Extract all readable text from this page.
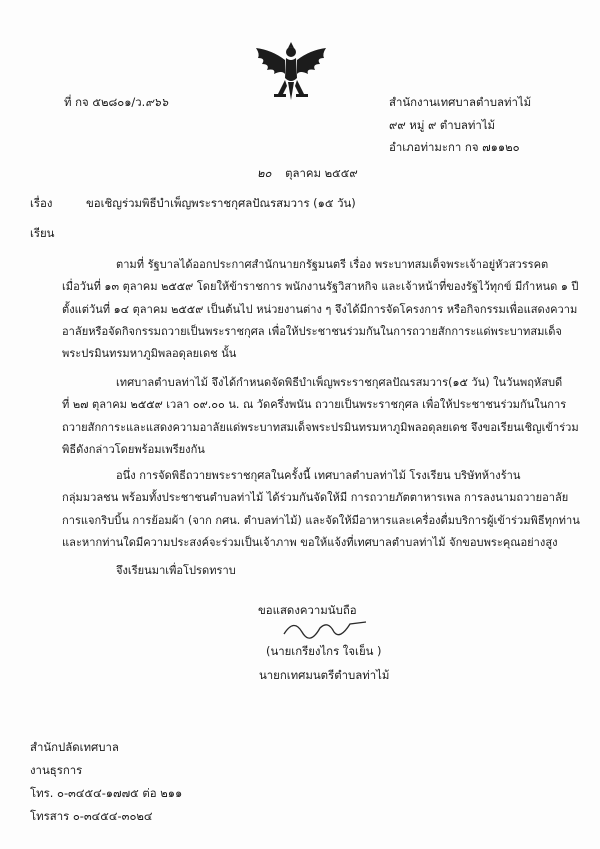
ที่ กจ ๕๒๘๐๑/ว.๙๖๖	สำนักงานเทศบาลตำบลท่าไม้
๙๙ หมู่ ๙ ตำบลท่าไม้
อำเภอท่ามะกา กจ ๗๑๑๒๐
๒๐ ตุลาคม ๒๕๕๙
เรื่อง	ขอเชิญร่วมพิธีบำเพ็ญพระราชกุศลปัณรสมวาร (๑๕ วัน)
เรียน
ตามที่ รัฐบาลได้ออกประกาศสำนักนายกรัฐมนตรี เรื่อง พระบาทสมเด็จพระเจ้าอยู่หัวสวรรคต
เมื่อวันที่ ๑๓ ตุลาคม ๒๕๕๙ โดยให้ข้าราชการ พนักงานรัฐวิสาหกิจ และเจ้าหน้าที่ของรัฐไว้ทุกข์ มีกำหนด ๑ ปี
ตั้งแต่วันที่ ๑๔ ตุลาคม ๒๕๕๙ เป็นต้นไป หน่วยงานต่าง ๆ จึงได้มีการจัดโครงการ หรือกิจกรรมเพื่อแสดงความ
อาลัยหรือจัดกิจกรรมถวายเป็นพระราชกุศล เพื่อให้ประชาชนร่วมกันในการถวายสักการะแด่พระบาทสมเด็จ
พระปรมินทรมหาภูมิพลอดุลยเดช นั้น
เทศบาลตำบลท่าไม้ จึงได้กำหนดจัดพิธีบำเพ็ญพระราชกุศลปัณรสมวาร(๑๕ วัน) ในวันพฤหัสบดี
ที่ ๒๗ ตุลาคม ๒๕๕๙ เวลา ๐๙.๐๐ น. ณ วัดครึ่งพนัน ถวายเป็นพระราชกุศล เพื่อให้ประชาชนร่วมกันในการ
ถวายสักการะและแสดงความอาลัยแด่พระบาทสมเด็จพระปรมินทรมหาภูมิพลอดุลยเดช จึงขอเรียนเชิญเข้าร่วม
พิธีดังกล่าวโดยพร้อมเพรียงกัน
อนึ่ง การจัดพิธีถวายพระราชกุศลในครั้งนี้ เทศบาลตำบลท่าไม้ โรงเรียน บริษัทห้างร้าน
กลุ่มมวลชน พร้อมทั้งประชาชนตำบลท่าไม้ ได้ร่วมกันจัดให้มี การถวายภัตตาหารเพล การลงนามถวายอาลัย
การแจกริบบิ้น การย้อมผ้า (จาก กศน. ตำบลท่าไม้) และจัดให้มีอาหารและเครื่องดื่มบริการผู้เข้าร่วมพิธีทุกท่าน
และหากท่านใดมีความประสงค์จะร่วมเป็นเจ้าภาพ ขอให้แจ้งที่เทศบาลตำบลท่าไม้ จักขอบพระคุณอย่างสูง
จึงเรียนมาเพื่อโปรดทราบ
ขอแสดงความนับถือ
(นายเกรียงไกร ใจเย็น )
นายกเทศมนตรีตำบลท่าไม้
สำนักปลัดเทศบาล
งานธุรการ
โทร. ๐-๓๔๕๔-๑๗๗๕ ต่อ ๒๑๑
โทรสาร ๐-๓๔๕๔-๓๐๒๔
